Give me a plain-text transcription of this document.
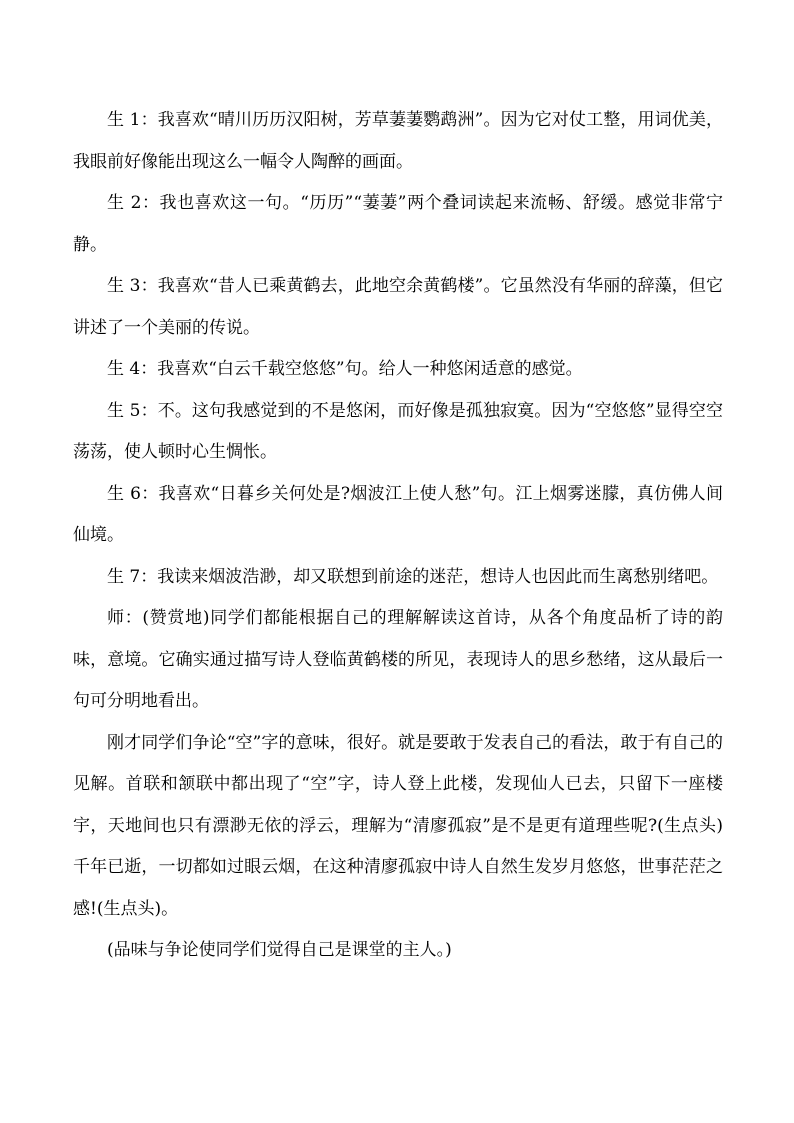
生 1：我喜欢“晴川历历汉阳树，芳草萋萋鹦鹉洲”。因为它对仗工整，用词优美，我眼前好像能出现这么一幅令人陶醉的画面。

生 2：我也喜欢这一句。“历历”“萋萋”两个叠词读起来流畅、舒缓。感觉非常宁静。

生 3：我喜欢“昔人已乘黄鹤去，此地空余黄鹤楼”。它虽然没有华丽的辞藻，但它讲述了一个美丽的传说。

生 4：我喜欢“白云千载空悠悠”句。给人一种悠闲适意的感觉。

生 5：不。这句我感觉到的不是悠闲，而好像是孤独寂寞。因为“空悠悠”显得空空荡荡，使人顿时心生惆怅。

生 6：我喜欢“日暮乡关何处是?烟波江上使人愁”句。江上烟雾迷朦，真仿佛人间仙境。

生 7：我读来烟波浩渺，却又联想到前途的迷茫，想诗人也因此而生离愁别绪吧。

师：(赞赏地)同学们都能根据自己的理解解读这首诗，从各个角度品析了诗的韵味，意境。它确实通过描写诗人登临黄鹤楼的所见，表现诗人的思乡愁绪，这从最后一句可分明地看出。

刚才同学们争论“空”字的意味，很好。就是要敢于发表自己的看法，敢于有自己的见解。首联和颔联中都出现了“空”字，诗人登上此楼，发现仙人已去，只留下一座楼宇，天地间也只有漂渺无依的浮云，理解为“清廖孤寂”是不是更有道理些呢?(生点头)千年已逝，一切都如过眼云烟，在这种清廖孤寂中诗人自然生发岁月悠悠，世事茫茫之感!(生点头)。

(品味与争论使同学们觉得自己是课堂的主人。)
